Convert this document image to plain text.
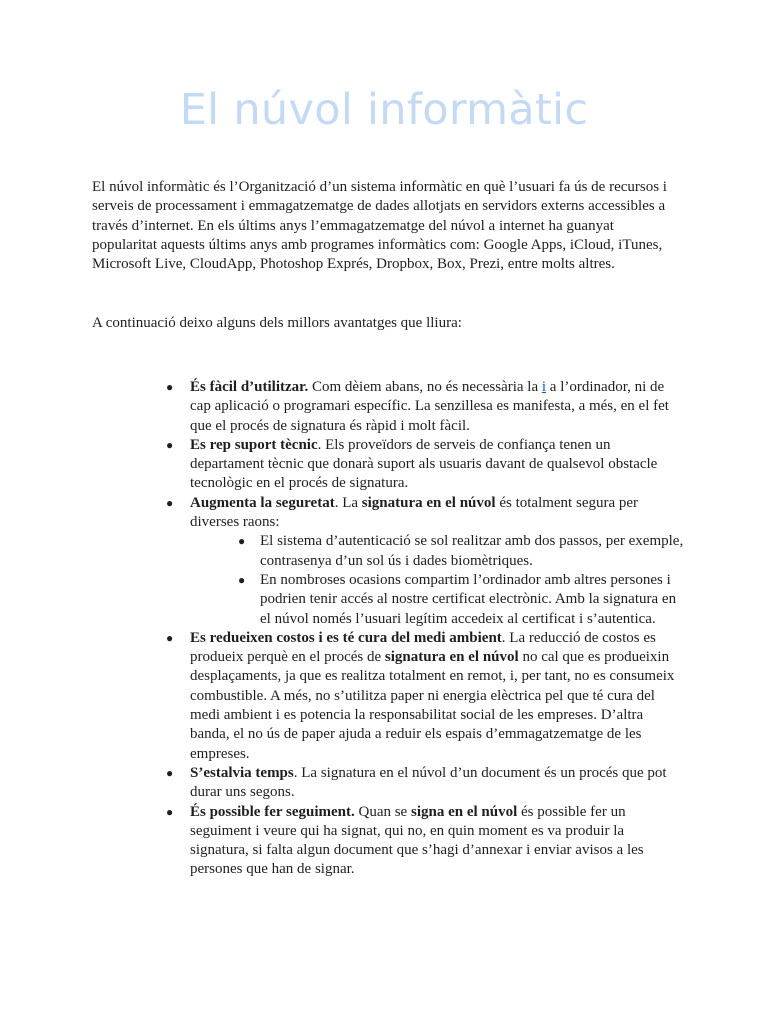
El núvol informàtic

El núvol informàtic és l’Organització d’un sistema informàtic en què l’usuari fa ús de recursos i serveis de processament i emmagatzematge de dades allotjats en servidors externs accessibles a través d’internet. En els últims anys l’emmagatzematge del núvol a internet ha guanyat popularitat aquests últims anys amb programes informàtics com: Google Apps, iCloud, iTunes, Microsoft Live, CloudApp, Photoshop Exprés, Dropbox, Box, Prezi, entre molts altres.

A continuació deixo alguns dels millors avantatges que lliura:

● És fàcil d’utilitzar. Com dèiem abans, no és necessària la i a l’ordinador, ni de cap aplicació o programari específic. La senzillesa es manifesta, a més, en el fet que el procés de signatura és ràpid i molt fàcil.
● Es rep suport tècnic. Els proveïdors de serveis de confiança tenen un departament tècnic que donarà suport als usuaris davant de qualsevol obstacle tecnològic en el procés de signatura.
● Augmenta la seguretat. La signatura en el núvol és totalment segura per diverses raons:
● El sistema d’autenticació se sol realitzar amb dos passos, per exemple, contrasenya d’un sol ús i dades biomètriques.
● En nombroses ocasions compartim l’ordinador amb altres persones i podrien tenir accés al nostre certificat electrònic. Amb la signatura en el núvol només l’usuari legítim accedeix al certificat i s’autentica.
● Es redueixen costos i es té cura del medi ambient. La reducció de costos es produeix perquè en el procés de signatura en el núvol no cal que es produeixin desplaçaments, ja que es realitza totalment en remot, i, per tant, no es consumeix combustible. A més, no s’utilitza paper ni energia elèctrica pel que té cura del medi ambient i es potencia la responsabilitat social de les empreses. D’altra banda, el no ús de paper ajuda a reduir els espais d’emmagatzematge de les empreses.
● S’estalvia temps. La signatura en el núvol d’un document és un procés que pot durar uns segons.
● És possible fer seguiment. Quan se signa en el núvol és possible fer un seguiment i veure qui ha signat, qui no, en quin moment es va produir la signatura, si falta algun document que s’hagi d’annexar i enviar avisos a les persones que han de signar.
